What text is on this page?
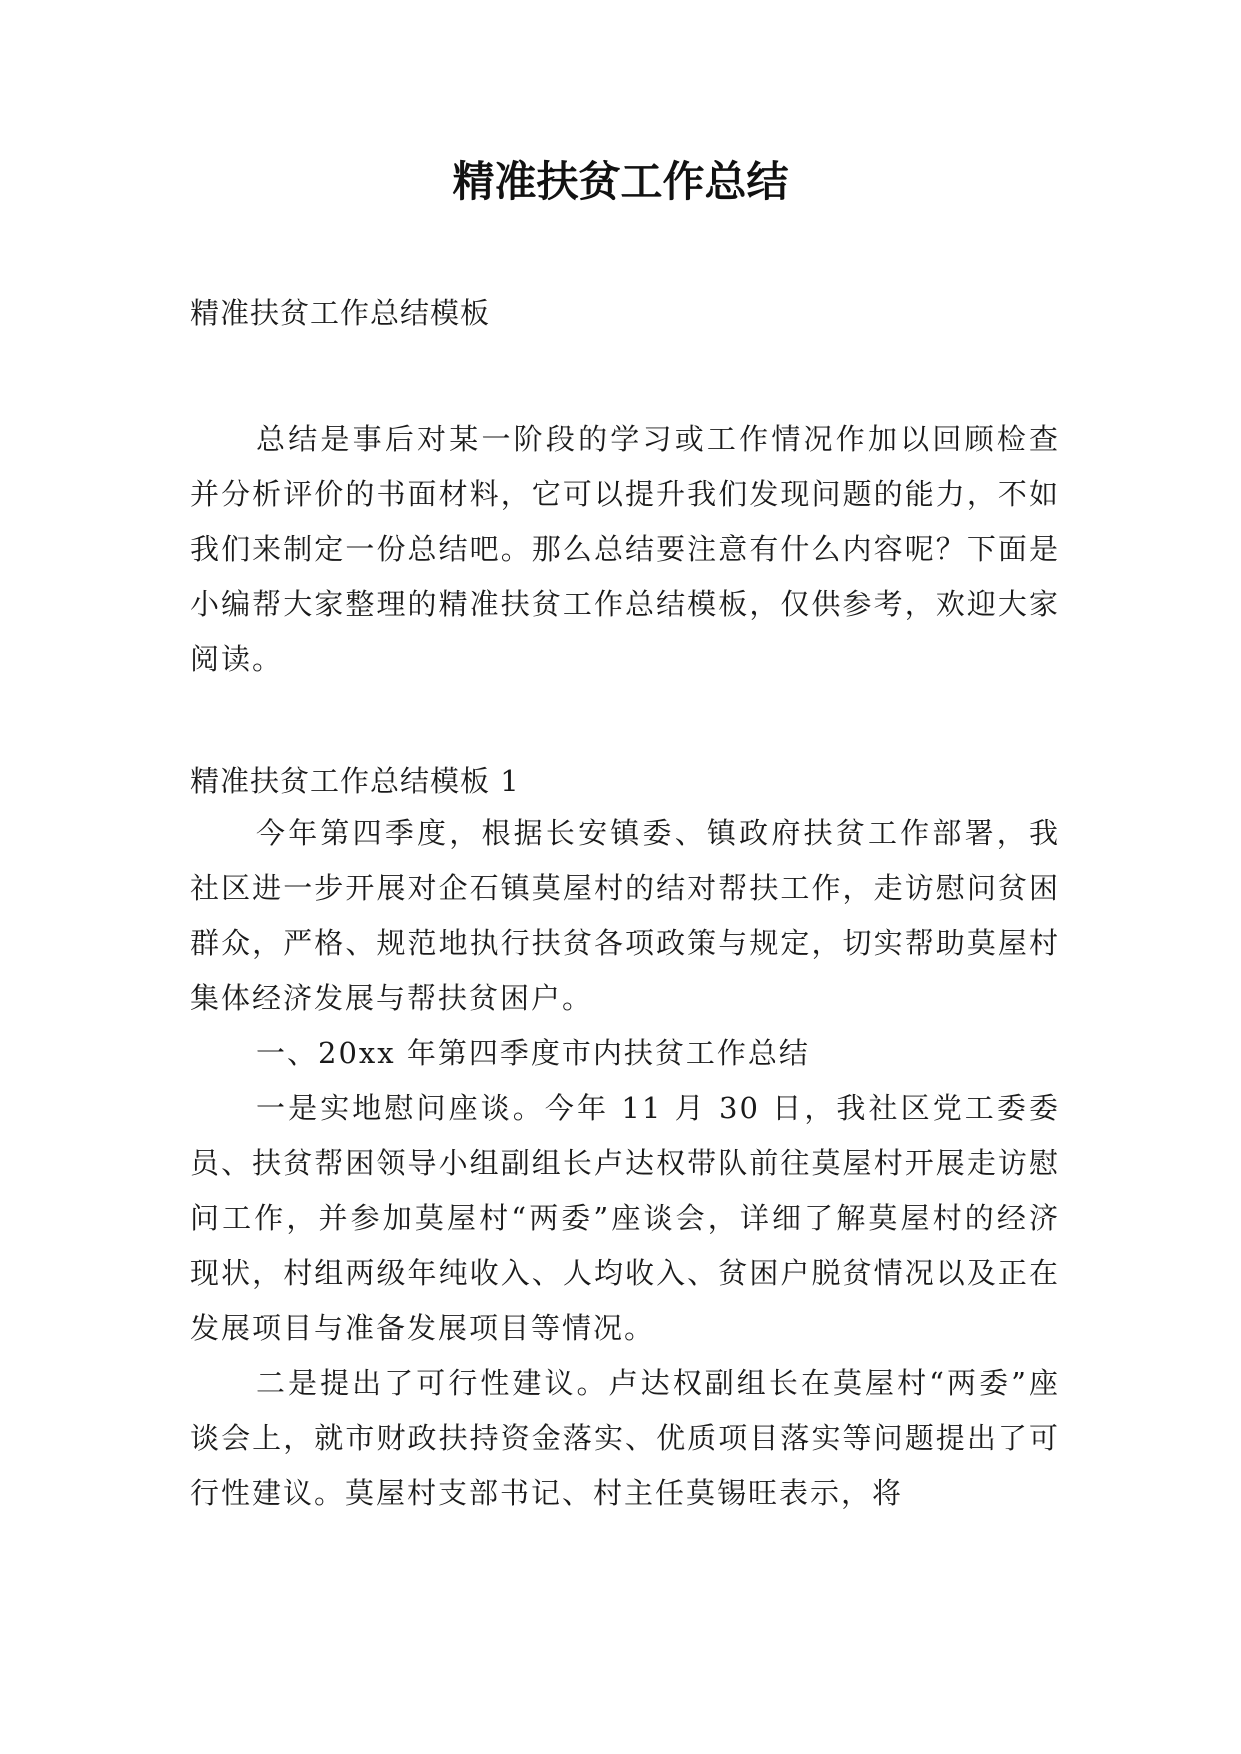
精准扶贫工作总结

精准扶贫工作总结模板

总结是事后对某一阶段的学习或工作情况作加以回顾检查并分析评价的书面材料，它可以提升我们发现问题的能力，不如我们来制定一份总结吧。那么总结要注意有什么内容呢？下面是小编帮大家整理的精准扶贫工作总结模板，仅供参考，欢迎大家阅读。

精准扶贫工作总结模板 1

今年第四季度，根据长安镇委、镇政府扶贫工作部署，我社区进一步开展对企石镇莫屋村的结对帮扶工作，走访慰问贫困群众，严格、规范地执行扶贫各项政策与规定，切实帮助莫屋村集体经济发展与帮扶贫困户。

一、20xx 年第四季度市内扶贫工作总结

一是实地慰问座谈。今年 11 月 30 日，我社区党工委委员、扶贫帮困领导小组副组长卢达权带队前往莫屋村开展走访慰问工作，并参加莫屋村“两委”座谈会，详细了解莫屋村的经济现状，村组两级年纯收入、人均收入、贫困户脱贫情况以及正在发展项目与准备发展项目等情况。

二是提出了可行性建议。卢达权副组长在莫屋村“两委”座谈会上，就市财政扶持资金落实、优质项目落实等问题提出了可行性建议。莫屋村支部书记、村主任莫锡旺表示，将
